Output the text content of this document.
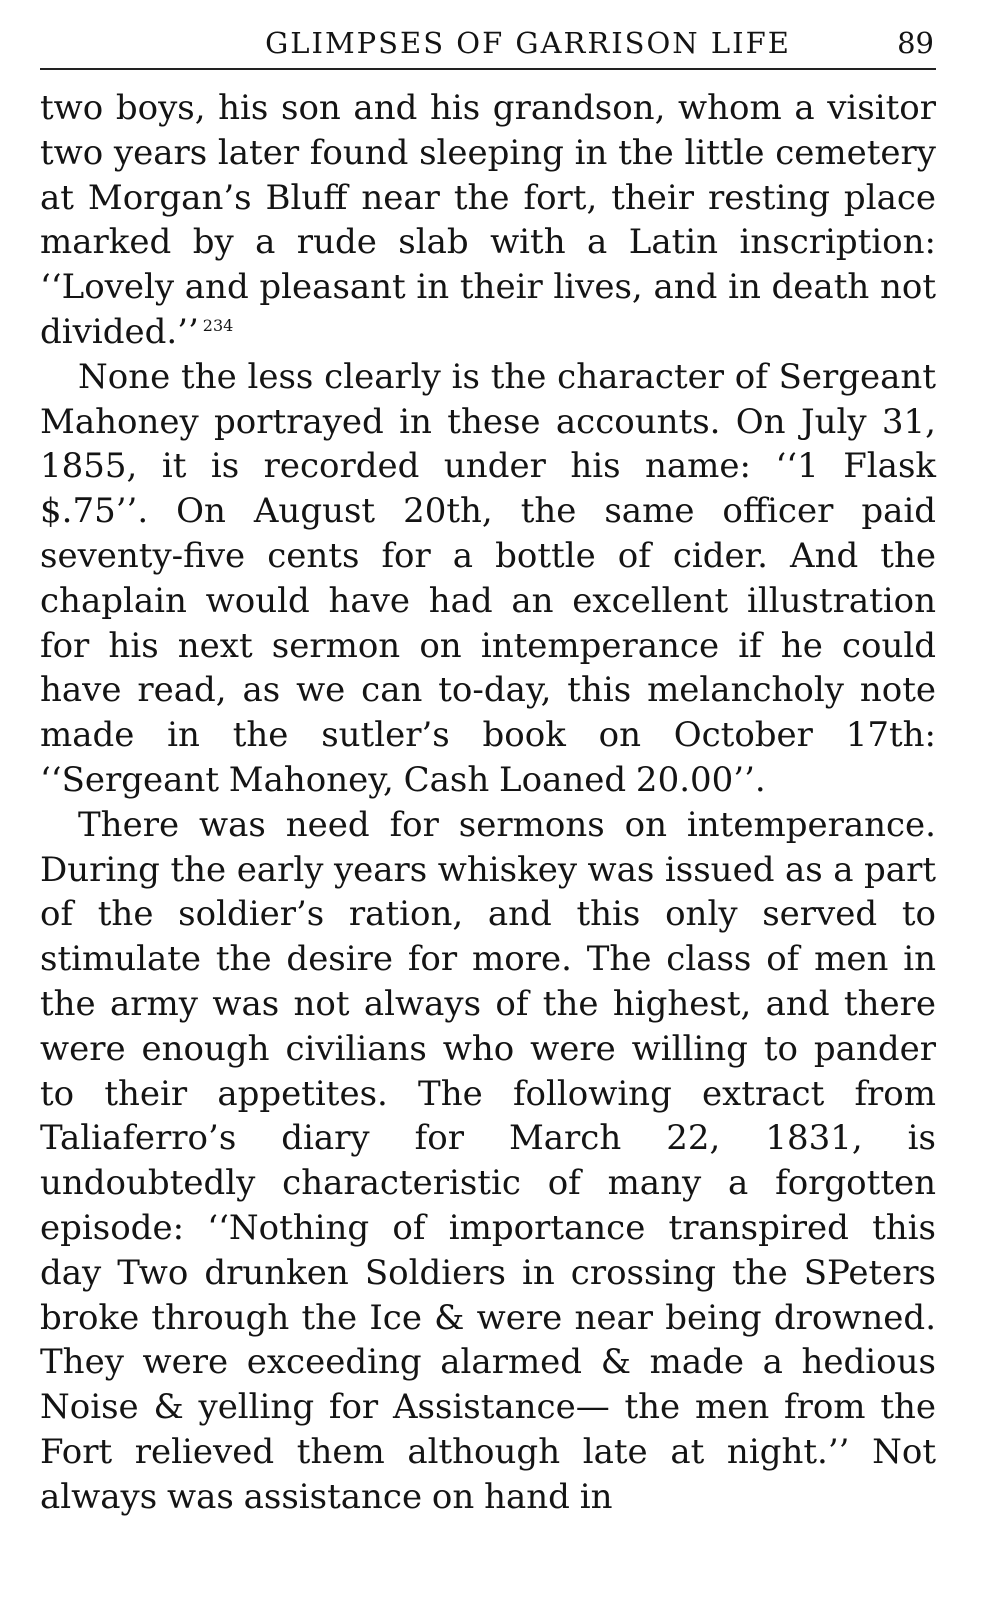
GLIMPSES OF GARRISON LIFE	89

two boys, his son and his grandson, whom a visitor two years later found sleeping in the little cemetery at Morgan’s Bluff near the fort, their resting place marked by a rude slab with a Latin inscription: ‘‘Lovely and pleasant in their lives, and in death not divided.’’ $^{234}$

None the less clearly is the character of Sergeant Mahoney portrayed in these accounts. On July 31, 1855, it is recorded under his name: ‘‘1 Flask $.75’’. On August 20th, the same officer paid seventy-five cents for a bottle of cider. And the chaplain would have had an excellent illustration for his next sermon on intemperance if he could have read, as we can to-day, this melancholy note made in the sutler’s book on October 17th: ‘‘Sergeant Mahoney, Cash Loaned 20.00’’.

There was need for sermons on intemperance. During the early years whiskey was issued as a part of the soldier’s ration, and this only served to stimulate the desire for more. The class of men in the army was not always of the highest, and there were enough civilians who were willing to pander to their appetites. The following extract from Taliaferro’s diary for March 22, 1831, is undoubtedly characteristic of many a forgotten episode: ‘‘Nothing of importance transpired this day Two drunken Soldiers in crossing the SPeters broke through the Ice & were near being drowned. They were exceeding alarmed & made a hedious Noise & yelling for Assistance— the men from the Fort relieved them although late at night.’’ Not always was assistance on hand in
